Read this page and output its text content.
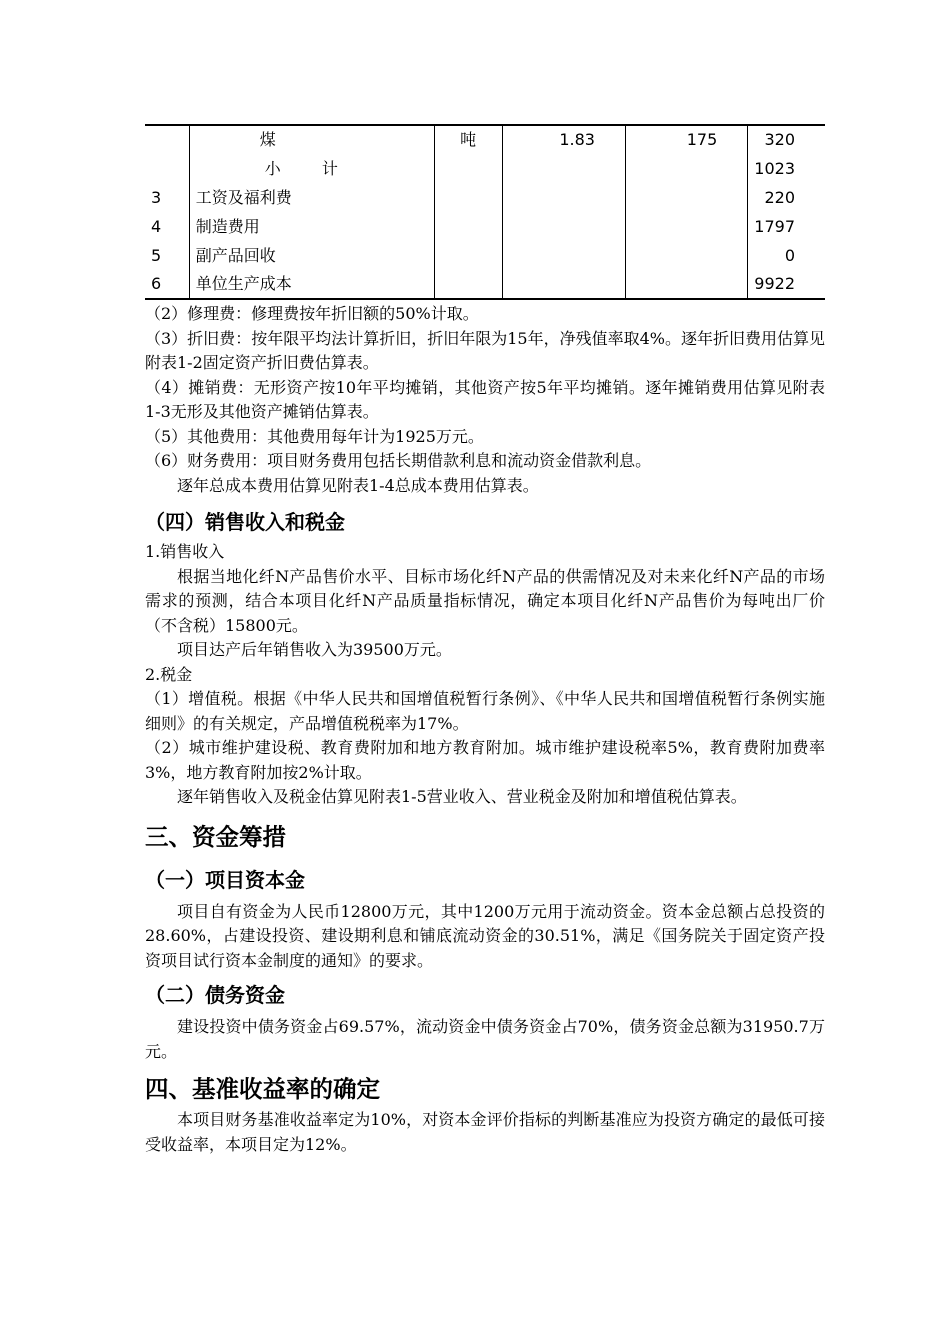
	煤	吨	1.83	175	320
	小 计				1023
3	工资及福利费				220
4	制造费用				1797
5	副产品回收				0
6	单位生产成本				9922

（2）修理费：修理费按年折旧额的50%计取。

（3）折旧费：按年限平均法计算折旧，折旧年限为15年，净残值率取4%。逐年折旧费用估算见附表1-2固定资产折旧费估算表。

（4）摊销费：无形资产按10年平均摊销，其他资产按5年平均摊销。逐年摊销费用估算见附表1-3无形及其他资产摊销估算表。

（5）其他费用：其他费用每年计为1925万元。

（6）财务费用：项目财务费用包括长期借款利息和流动资金借款利息。

逐年总成本费用估算见附表1-4总成本费用估算表。

（四）销售收入和税金

1.销售收入

根据当地化纤N产品售价水平、目标市场化纤N产品的供需情况及对未来化纤N产品的市场需求的预测，结合本项目化纤N产品质量指标情况，确定本项目化纤N产品售价为每吨出厂价（不含税）15800元。

项目达产后年销售收入为39500万元。

2.税金

（1）增值税。根据《中华人民共和国增值税暂行条例》、《中华人民共和国增值税暂行条例实施细则》的有关规定，产品增值税税率为17%。

（2）城市维护建设税、教育费附加和地方教育附加。城市维护建设税率5%，教育费附加费率3%，地方教育附加按2%计取。

逐年销售收入及税金估算见附表1-5营业收入、营业税金及附加和增值税估算表。

三、资金筹措
（一）项目资本金

项目自有资金为人民币12800万元，其中1200万元用于流动资金。资本金总额占总投资的28.60%，占建设投资、建设期利息和铺底流动资金的30.51%，满足《国务院关于固定资产投资项目试行资本金制度的通知》的要求。

（二）债务资金

建设投资中债务资金占69.57%，流动资金中债务资金占70%，债务资金总额为31950.7万元。

四、基准收益率的确定

本项目财务基准收益率定为10%，对资本金评价指标的判断基准应为投资方确定的最低可接受收益率，本项目定为12%。
